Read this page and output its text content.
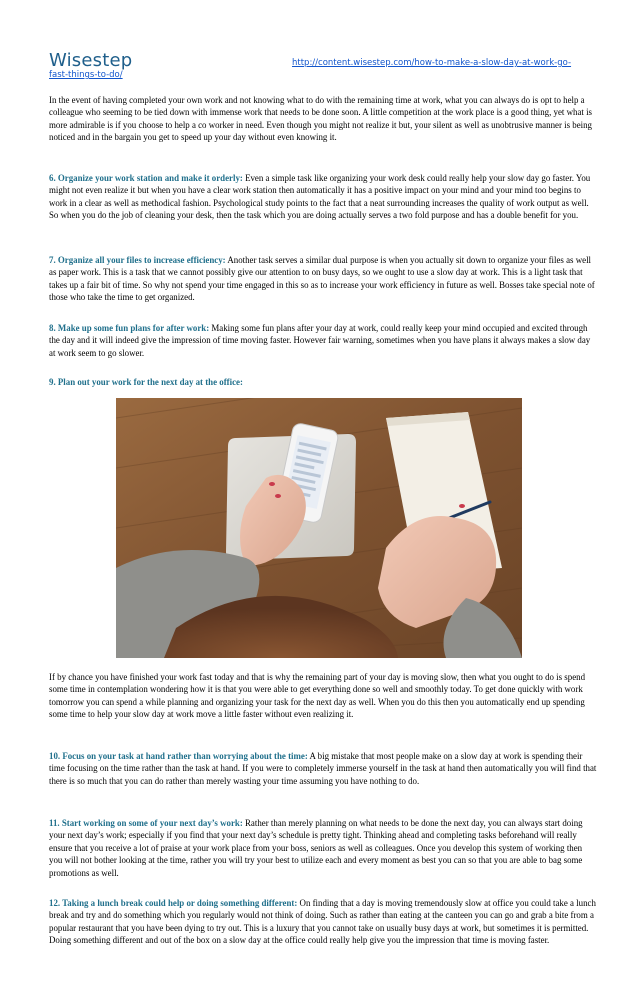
Wisestep	http://content.wisestep.com/how-to-make-a-slow-day-at-work-go-
fast-things-to-do/

In the event of having completed your own work and not knowing what to do with the remaining time at work, what you can always do is opt to help a colleague who seeming to be tied down with immense work that needs to be done soon. A little competition at the work place is a good thing, yet what is more admirable is if you choose to help a co worker in need. Even though you might not realize it but, your silent as well as unobtrusive manner is being noticed and in the bargain you get to speed up your day without even knowing it.

6. Organize your work station and make it orderly: Even a simple task like organizing your work desk could really help your slow day go faster. You might not even realize it but when you have a clear work station then automatically it has a positive impact on your mind and your mind too begins to work in a clear as well as methodical fashion. Psychological study points to the fact that a neat surrounding increases the quality of work output as well. So when you do the job of cleaning your desk, then the task which you are doing actually serves a two fold purpose and has a double benefit for you.

7. Organize all your files to increase efficiency: Another task serves a similar dual purpose is when you actually sit down to organize your files as well as paper work. This is a task that we cannot possibly give our attention to on busy days, so we ought to use a slow day at work. This is a light task that takes up a fair bit of time. So why not spend your time engaged in this so as to increase your work efficiency in future as well. Bosses take special note of those who take the time to get organized.

8. Make up some fun plans for after work: Making some fun plans after your day at work, could really keep your mind occupied and excited through the day and it will indeed give the impression of time moving faster. However fair warning, sometimes when you have plans it always makes a slow day at work seem to go slower.

9. Plan out your work for the next day at the office:

If by chance you have finished your work fast today and that is why the remaining part of your day is moving slow, then what you ought to do is spend some time in contemplation wondering how it is that you were able to get everything done so well and smoothly today. To get done quickly with work tomorrow you can spend a while planning and organizing your task for the next day as well. When you do this then you automatically end up spending some time to help your slow day at work move a little faster without even realizing it.

10. Focus on your task at hand rather than worrying about the time: A big mistake that most people make on a slow day at work is spending their time focusing on the time rather than the task at hand. If you were to completely immerse yourself in the task at hand then automatically you will find that there is so much that you can do rather than merely wasting your time assuming you have nothing to do.

11. Start working on some of your next day’s work: Rather than merely planning on what needs to be done the next day, you can always start doing your next day’s work; especially if you find that your next day’s schedule is pretty tight. Thinking ahead and completing tasks beforehand will really ensure that you receive a lot of praise at your work place from your boss, seniors as well as colleagues. Once you develop this system of working then you will not bother looking at the time, rather you will try your best to utilize each and every moment as best you can so that you are able to bag some promotions as well.

12. Taking a lunch break could help or doing something different: On finding that a day is moving tremendously slow at office you could take a lunch break and try and do something which you regularly would not think of doing. Such as rather than eating at the canteen you can go and grab a bite from a popular restaurant that you have been dying to try out. This is a luxury that you cannot take on usually busy days at work, but sometimes it is permitted. Doing something different and out of the box on a slow day at the office could really help give you the impression that time is moving faster.
